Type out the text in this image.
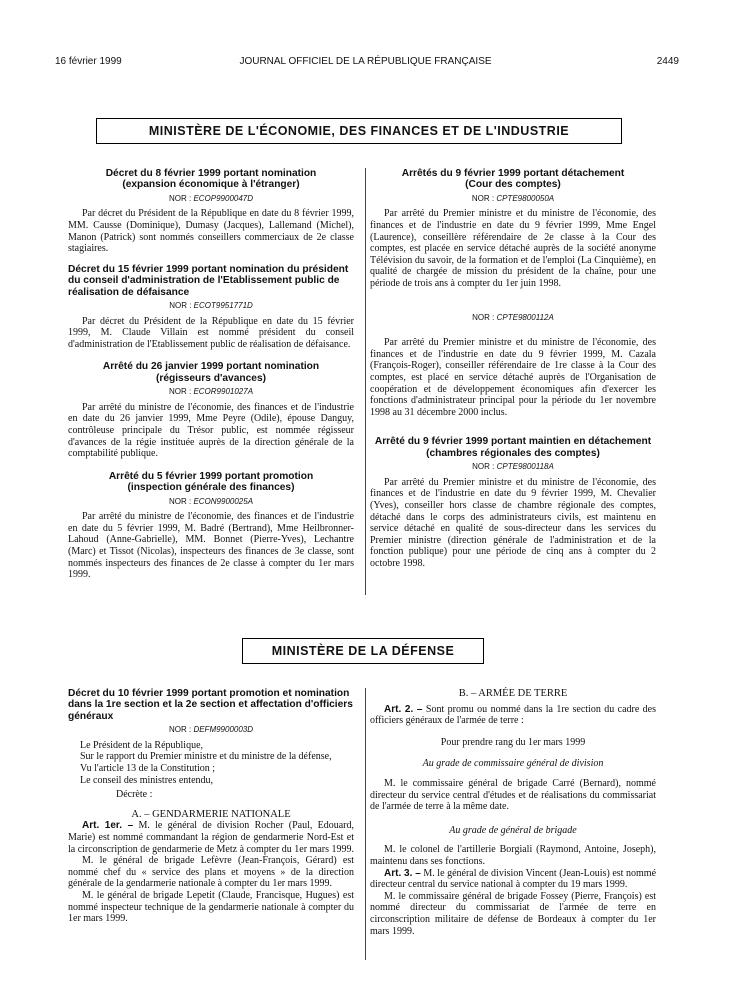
16 février 1999	JOURNAL OFFICIEL DE LA RÉPUBLIQUE FRANÇAISE	2449
MINISTÈRE DE L'ÉCONOMIE, DES FINANCES ET DE L'INDUSTRIE
Décret du 8 février 1999 portant nomination (expansion économique à l'étranger)
NOR : ECOP9900047D

Par décret du Président de la République en date du 8 février 1999, MM. Causse (Dominique), Dumasy (Jacques), Lallemand (Michel), Manon (Patrick) sont nommés conseillers commerciaux de 2e classe stagiaires.

Décret du 15 février 1999 portant nomination du président du conseil d'administration de l'Etablissement public de réalisation de défaisance
NOR : ECOT9951771D

Par décret du Président de la République en date du 15 février 1999, M. Claude Villain est nommé président du conseil d'administration de l'Etablissement public de réalisation de défaisance.

Arrêté du 26 janvier 1999 portant nomination (régisseurs d'avances)
NOR : ECOR9901027A

Par arrêté du ministre de l'économie, des finances et de l'industrie en date du 26 janvier 1999, Mme Peyre (Odile), épouse Danguy, contrôleuse principale du Trésor public, est nommée régisseur d'avances de la régie instituée auprès de la direction générale de la comptabilité publique.

Arrêté du 5 février 1999 portant promotion (inspection générale des finances)
NOR : ECON9900025A

Par arrêté du ministre de l'économie, des finances et de l'industrie en date du 5 février 1999, M. Badré (Bertrand), Mme Heilbronner-Lahoud (Anne-Gabrielle), MM. Bonnet (Pierre-Yves), Lechantre (Marc) et Tissot (Nicolas), inspecteurs des finances de 3e classe, sont nommés inspecteurs des finances de 2e classe à compter du 1er mars 1999.

Arrêtés du 9 février 1999 portant détachement (Cour des comptes)
NOR : CPTE9800050A

Par arrêté du Premier ministre et du ministre de l'économie, des finances et de l'industrie en date du 9 février 1999, Mme Engel (Laurence), conseillère référendaire de 2e classe à la Cour des comptes, est placée en service détaché auprès de la société anonyme Télévision du savoir, de la formation et de l'emploi (La Cinquième), en qualité de chargée de mission du président de la chaîne, pour une période de trois ans à compter du 1er juin 1998.

NOR : CPTE9800112A

Par arrêté du Premier ministre et du ministre de l'économie, des finances et de l'industrie en date du 9 février 1999, M. Cazala (François-Roger), conseiller référendaire de 1re classe à la Cour des comptes, est placé en service détaché auprès de l'Organisation de coopération et de développement économiques afin d'exercer les fonctions d'administrateur principal pour la période du 1er novembre 1998 au 31 décembre 2000 inclus.

Arrêté du 9 février 1999 portant maintien en détachement (chambres régionales des comptes)
NOR : CPTE9800118A

Par arrêté du Premier ministre et du ministre de l'économie, des finances et de l'industrie en date du 9 février 1999, M. Chevalier (Yves), conseiller hors classe de chambre régionale des comptes, détaché dans le corps des administrateurs civils, est maintenu en service détaché en qualité de sous-directeur dans les services du Premier ministre (direction générale de l'administration et de la fonction publique) pour une période de cinq ans à compter du 2 octobre 1998.

MINISTÈRE DE LA DÉFENSE
Décret du 10 février 1999 portant promotion et nomination dans la 1re section et la 2e section et affectation d'officiers généraux
NOR : DEFM9900003D
Le Président de la République,
Sur le rapport du Premier ministre et du ministre de la défense,
Vu l'article 13 de la Constitution ;
Le conseil des ministres entendu,
Décrète :
A. – GENDARMERIE NATIONALE

Art. 1er. – M. le général de division Rocher (Paul, Edouard, Marie) est nommé commandant la région de gendarmerie Nord-Est et la circonscription de gendarmerie de Metz à compter du 1er mars 1999.

M. le général de brigade Lefèvre (Jean-François, Gérard) est nommé chef du « service des plans et moyens » de la direction générale de la gendarmerie nationale à compter du 1er mars 1999.

M. le général de brigade Lepetit (Claude, Francisque, Hugues) est nommé inspecteur technique de la gendarmerie nationale à compter du 1er mars 1999.

B. – ARMÉE DE TERRE

Art. 2. – Sont promu ou nommé dans la 1re section du cadre des officiers généraux de l'armée de terre :

Pour prendre rang du 1er mars 1999
Au grade de commissaire général de division

M. le commissaire général de brigade Carré (Bernard), nommé directeur du service central d'études et de réalisations du commissariat de l'armée de terre à la même date.

Au grade de général de brigade

M. le colonel de l'artillerie Borgiali (Raymond, Antoine, Joseph), maintenu dans ses fonctions.

Art. 3. – M. le général de division Vincent (Jean-Louis) est nommé directeur central du service national à compter du 19 mars 1999.

M. le commissaire général de brigade Fossey (Pierre, François) est nommé directeur du commissariat de l'armée de terre en circonscription militaire de défense de Bordeaux à compter du 1er mars 1999.
